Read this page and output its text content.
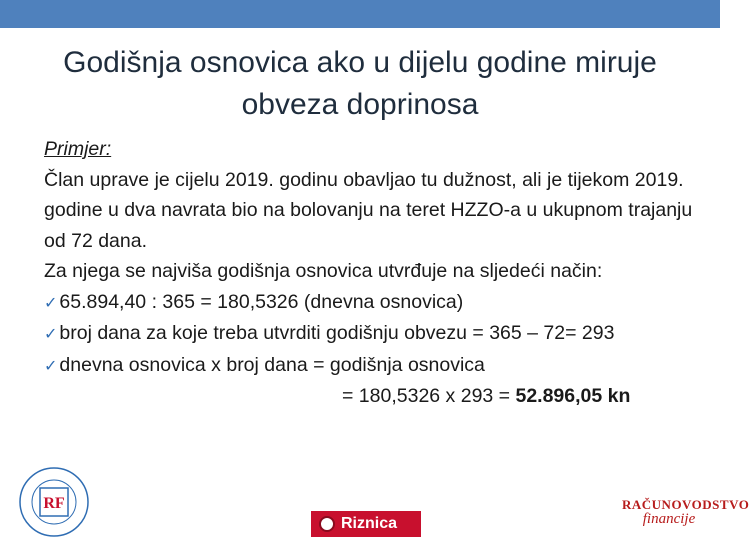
Godišnja osnovica ako u dijelu godine miruje
obveza doprinosa

Primjer:

Član uprave je cijelu 2019. godinu obavljao tu dužnost, ali je tijekom 2019. godine u dva navrata bio na bolovanju na teret HZZO-a u ukupnom trajanju od 72 dana.

Za njega se najviša godišnja osnovica utvrđuje na sljedeći način:

✓ 65.894,40 : 365 = 180,5326 (dnevna osnovica)

✓ broj dana za koje treba utvrditi godišnju obvezu = 365 – 72= 293

✓ dnevna osnovica x broj dana = godišnja osnovica

= 180,5326 x 293 = 52.896,05 kn

RF
Riznica
RAČUNOVODSTVO
financije
